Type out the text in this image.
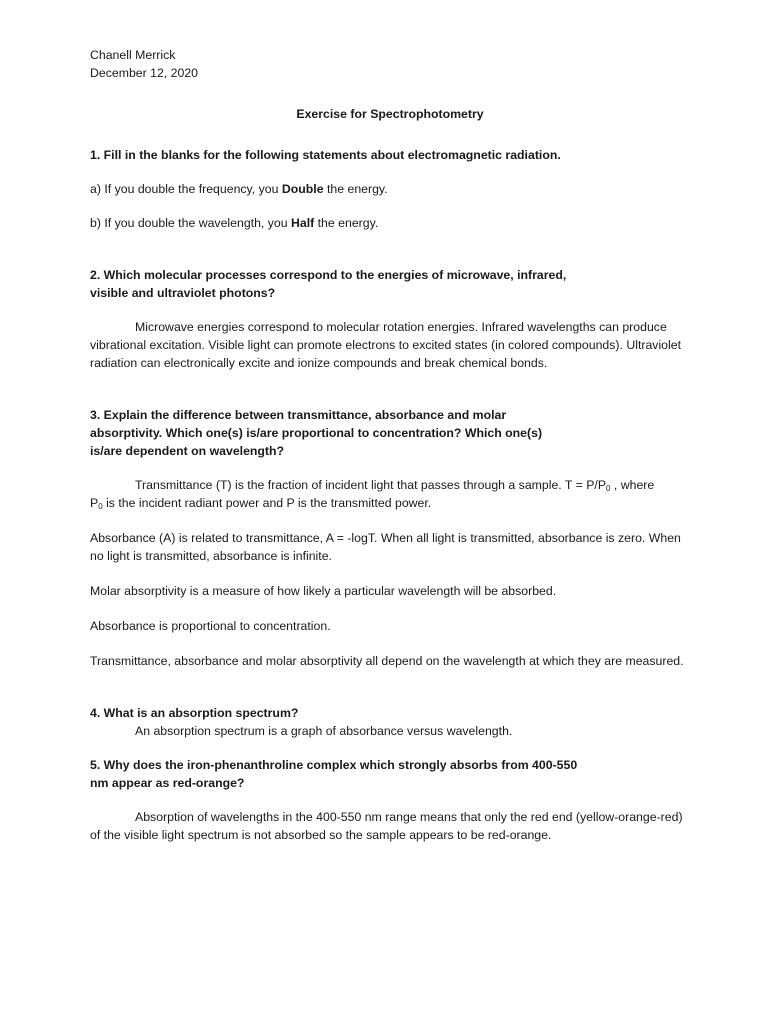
Chanell Merrick

December 12, 2020

Exercise for Spectrophotometry

1. Fill in the blanks for the following statements about electromagnetic radiation.

a) If you double the frequency, you Double the energy.

b) If you double the wavelength, you Half the energy.

2. Which molecular processes correspond to the energies of microwave, infrared,

visible and ultraviolet photons?

Microwave energies correspond to molecular rotation energies. Infrared wavelengths can produce vibrational excitation. Visible light can promote electrons to excited states (in colored compounds). Ultraviolet radiation can electronically excite and ionize compounds and break chemical bonds.

3. Explain the difference between transmittance, absorbance and molar

absorptivity. Which one(s) is/are proportional to concentration? Which one(s)

is/are dependent on wavelength?

Transmittance (T) is the fraction of incident light that passes through a sample. $T = P/P_0$ , where

$P_0$ is the incident radiant power and P is the transmitted power.

Absorbance (A) is related to transmittance, A = -logT. When all light is transmitted, absorbance is zero. When no light is transmitted, absorbance is infinite.

Molar absorptivity is a measure of how likely a particular wavelength will be absorbed.

Absorbance is proportional to concentration.

Transmittance, absorbance and molar absorptivity all depend on the wavelength at which they are measured.

4. What is an absorption spectrum?

An absorption spectrum is a graph of absorbance versus wavelength.

5. Why does the iron-phenanthroline complex which strongly absorbs from 400-550

nm appear as red-orange?

Absorption of wavelengths in the 400-550 nm range means that only the red end (yellow-orange-red) of the visible light spectrum is not absorbed so the sample appears to be red-orange.
